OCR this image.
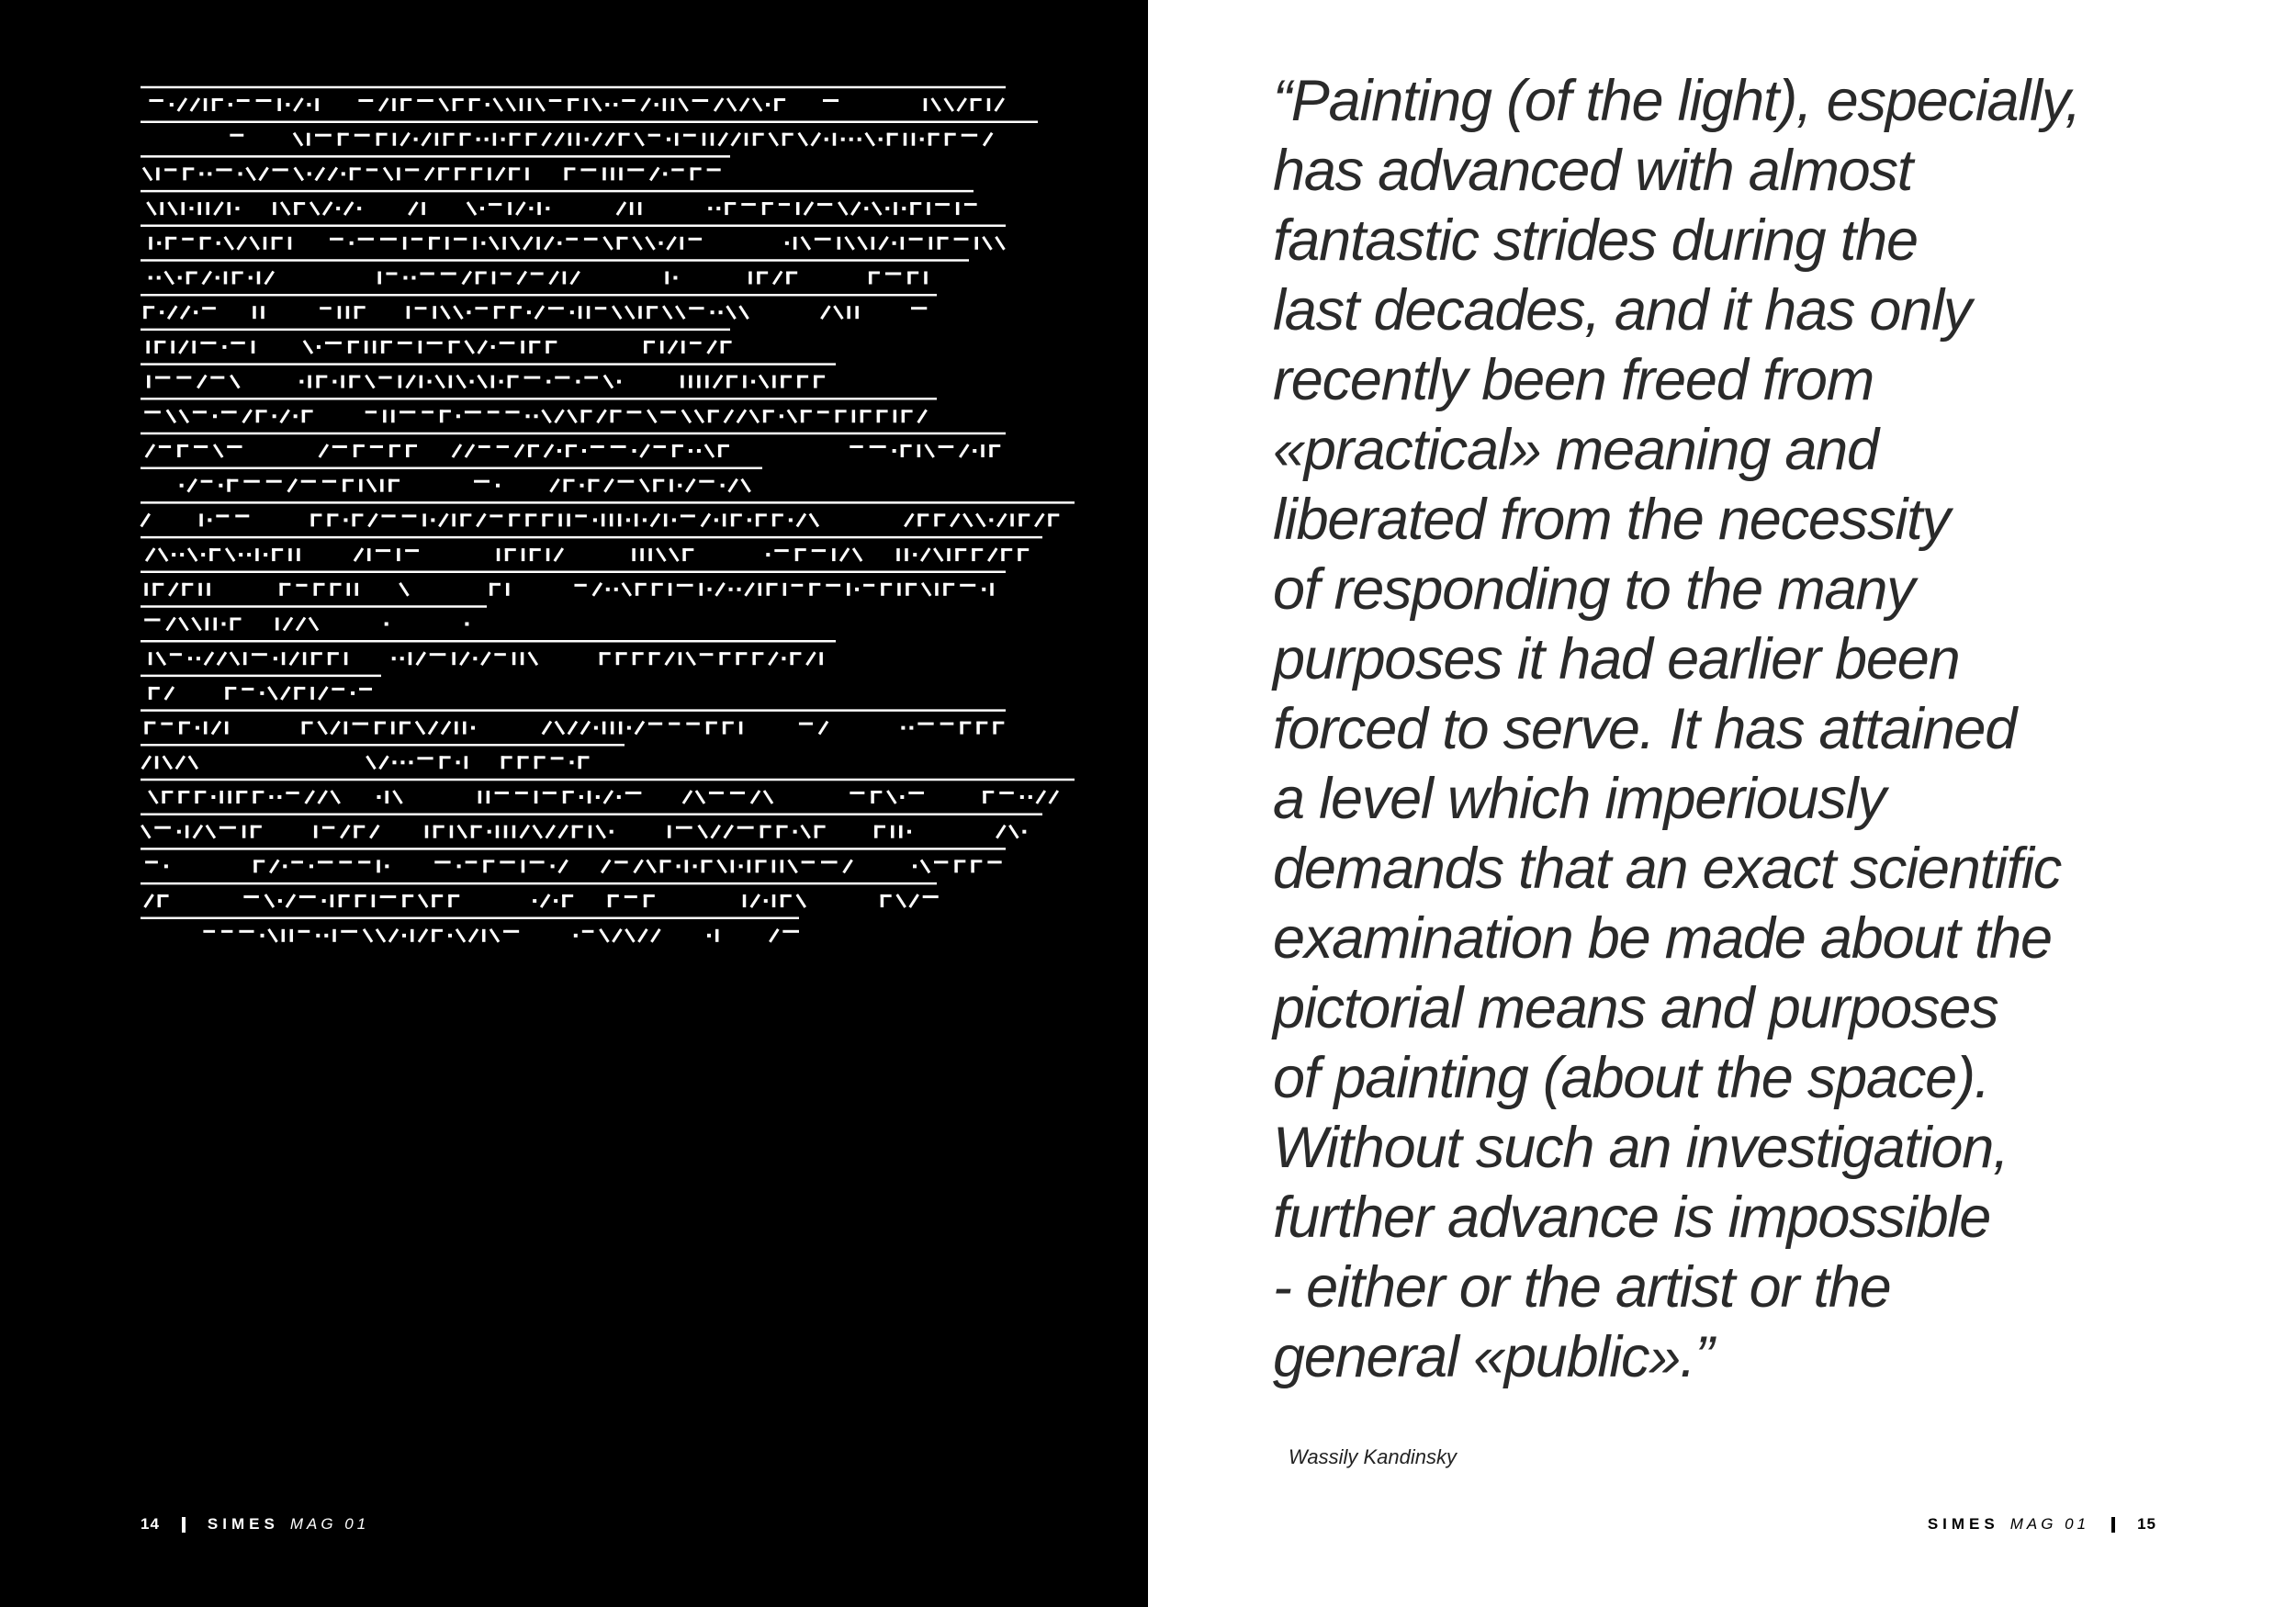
14	SIMES MAG 01

“Painting (of the light), especially,
has advanced with almost
fantastic strides during the
last decades, and it has only
recently been freed from
«practical» meaning and
liberated from the necessity
of responding to the many
purposes it had earlier been
forced to serve. It has attained
a level which imperiously
demands that an exact scientific
examination be made about the
pictorial means and purposes
of painting (about the space).
Without such an investigation,
further advance is impossible
- either or the artist or the
general «public».”

Wassily Kandinsky

SIMES MAG 01	15
